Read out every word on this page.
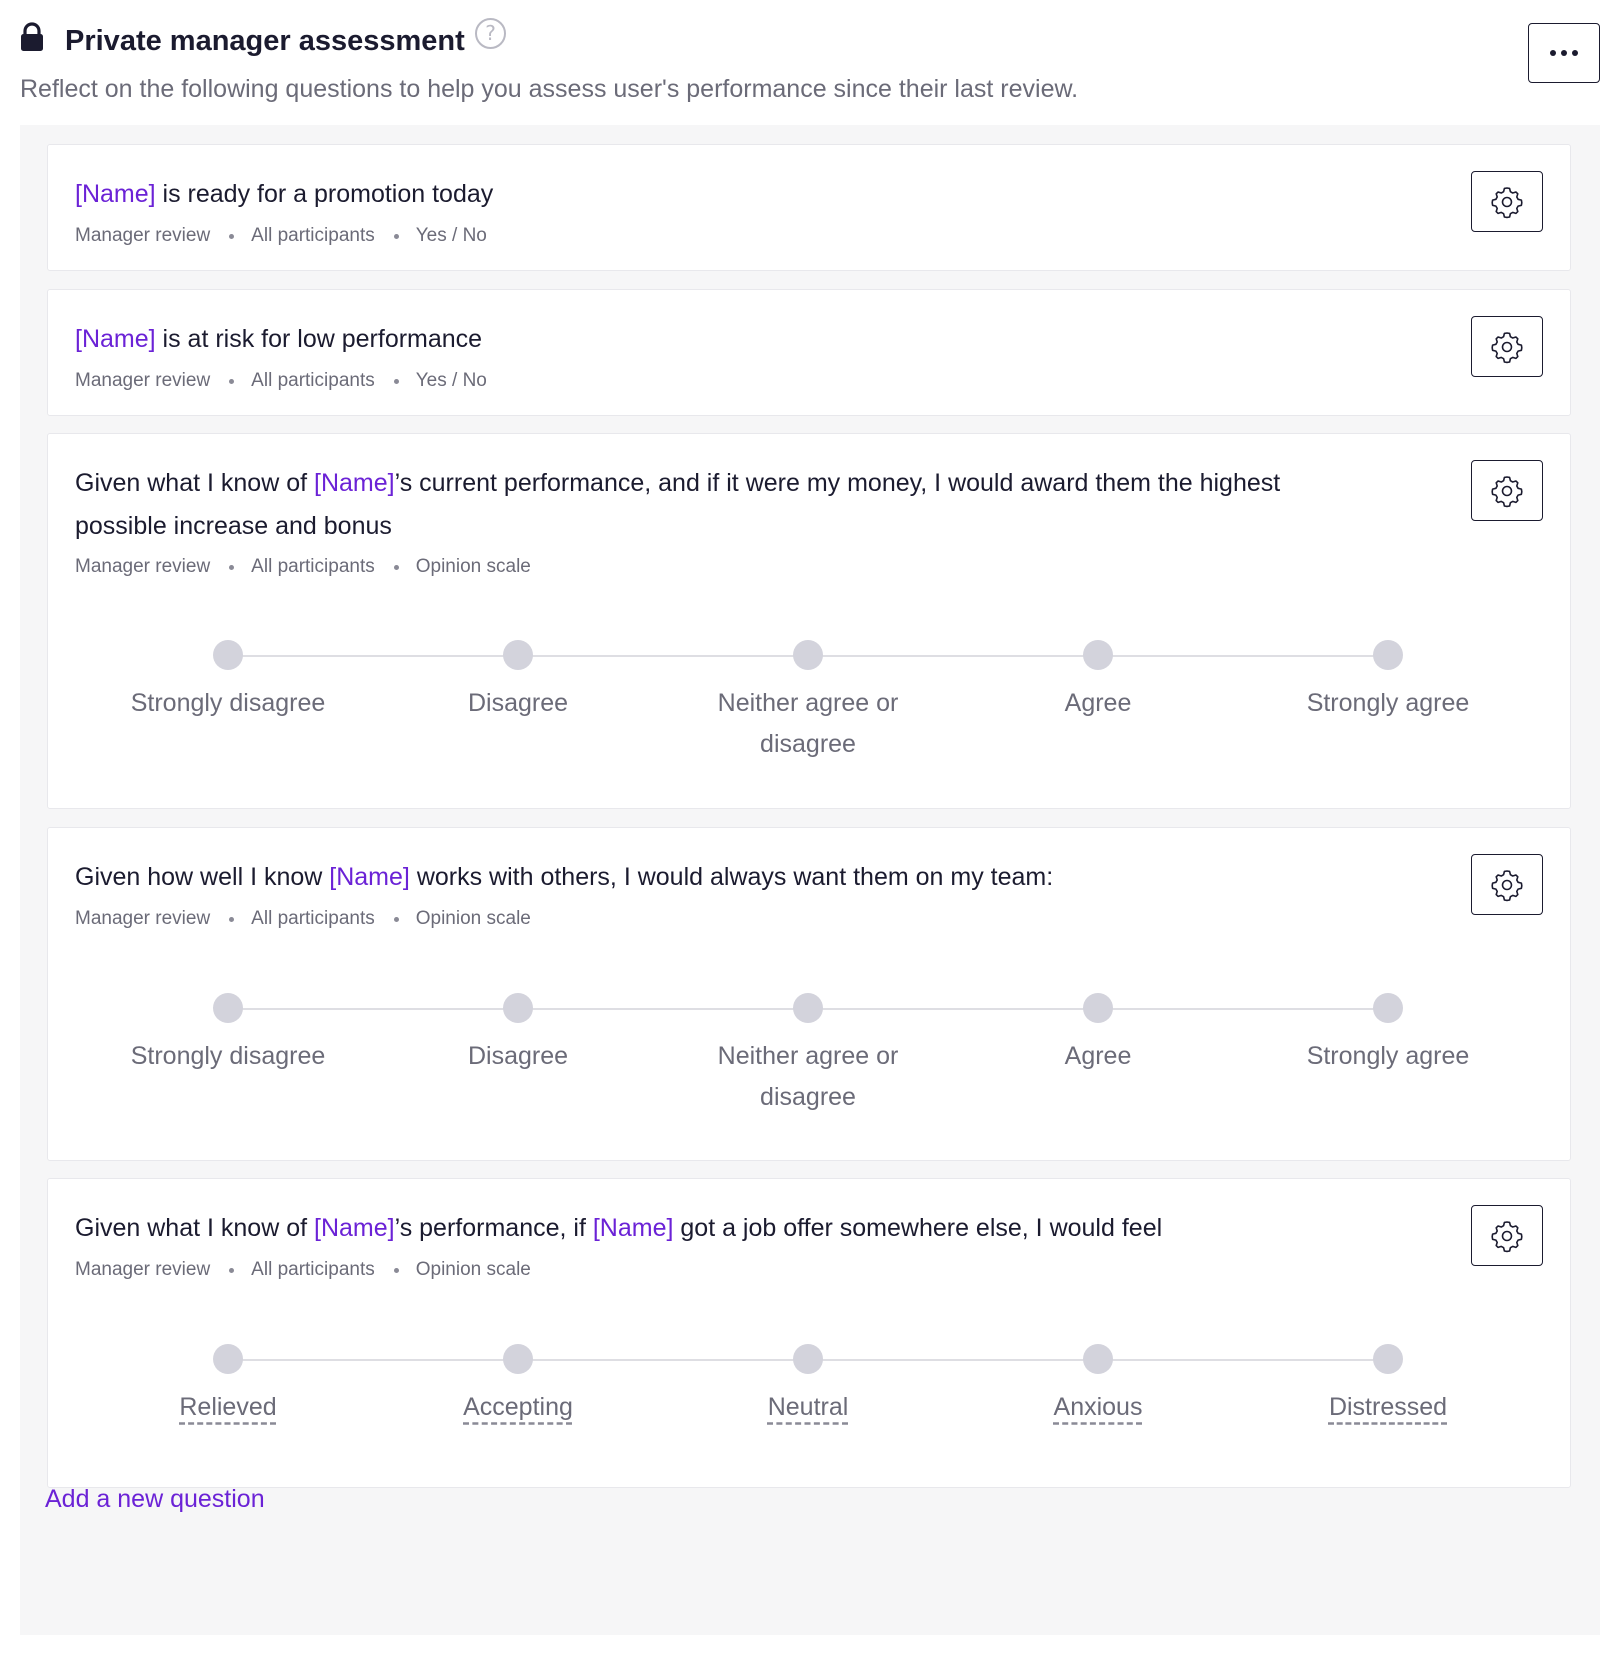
Private manager assessment	?
Reflect on the following questions to help you assess user's performance since their last review.
[Name] is ready for a promotion today
Manager review All participants Yes / No
[Name] is at risk for low performance
Manager review All participants Yes / No
Given what I know of [Name]’s current performance, and if it were my money, I would award them the highest possible increase and bonus
Manager review All participants Opinion scale
Strongly disagree	Disagree	Neither agree or disagree
Agree	Strongly agree
Given how well I know [Name] works with others, I would always want them on my team:
Manager review All participants Opinion scale
Strongly disagree	Disagree	Neither agree or disagree
Agree	Strongly agree
Given what I know of [Name]’s performance, if [Name] got a job offer somewhere else, I would feel
Manager review All participants Opinion scale
Relieved	Accepting	Neutral	Anxious	Distressed
Add a new question
